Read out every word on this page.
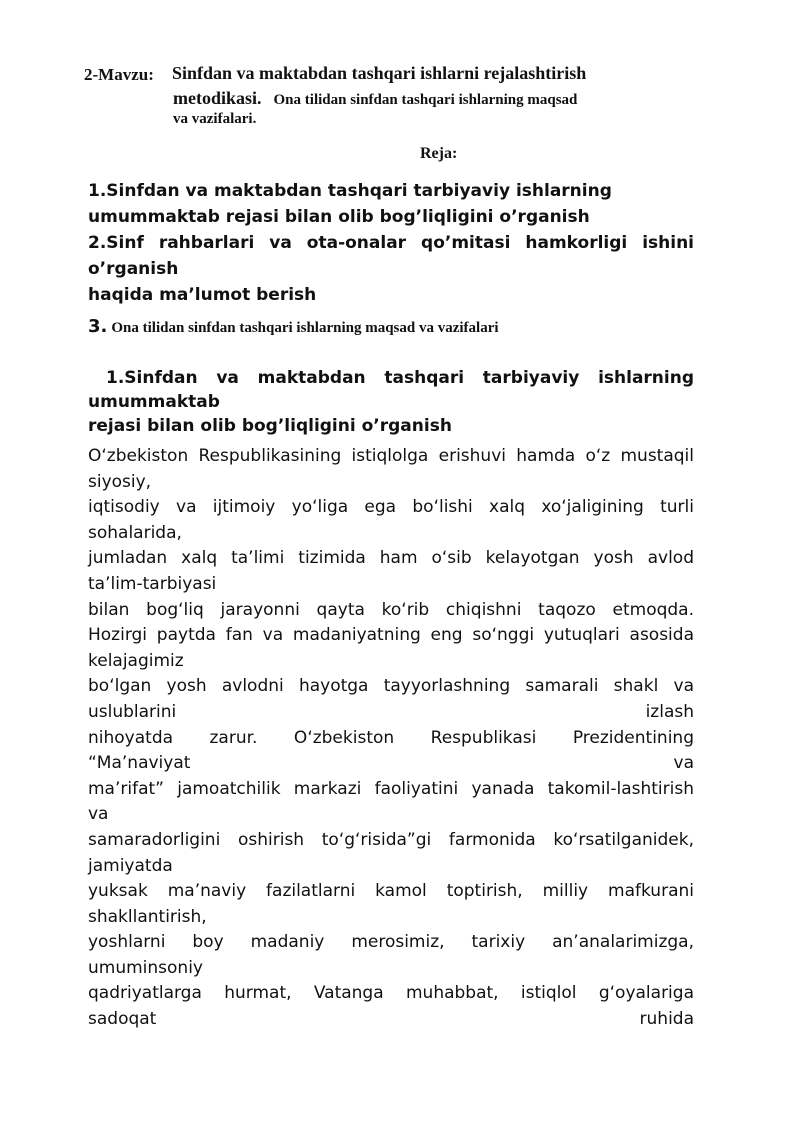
2-Mavzu:	Sinfdan va maktabdan tashqari ishlarni rejalashtirish
metodikasi. Ona tilidan sinfdan tashqari ishlarning maqsad
va vazifalari.
Reja:

1.Sinfdan va maktabdan tashqari tarbiyaviy ishlarning

umummaktab rejasi bilan olib bog’liqligini o’rganish

2.Sinf rahbarlari va ota-onalar qo’mitasi hamkorligi ishini

o’rganish

haqida ma’lumot berish

3. Ona tilidan sinfdan tashqari ishlarning maqsad va vazifalari

1.Sinfdan va maktabdan tashqari tarbiyaviy ishlarning

umummaktab

rejasi bilan olib bog’liqligini o’rganish

O‘zbekiston Respublikasining istiqlolga erishuvi hamda o‘z mustaqil

siyosiy,

iqtisodiy va ijtimoiy yo‘liga ega bo‘lishi xalq xo‘jaligining turli

sohalarida,

jumladan xalq ta’limi tizimida ham o‘sib kelayotgan yosh avlod

ta’lim-tarbiyasi

bilan bog‘liq jarayonni qayta ko‘rib chiqishni taqozo etmoqda.

Hozirgi paytda fan va madaniyatning eng so‘nggi yutuqlari asosida

kelajagimiz

bo‘lgan yosh avlodni hayotga tayyorlashning samarali shakl va

uslublarini izlash

nihoyatda zarur. O‘zbekiston Respublikasi Prezidentining

“Ma’naviyat va

ma’rifat” jamoatchilik markazi faoliyatini yanada takomil-lashtirish

va

samaradorligini oshirish to‘g‘risida”gi farmonida ko‘rsatilganidek,

jamiyatda

yuksak ma’naviy fazilatlarni kamol toptirish, milliy mafkurani

shakllantirish,

yoshlarni boy madaniy merosimiz, tarixiy an’analarimizga,

umuminsoniy

qadriyatlarga hurmat, Vatanga muhabbat, istiqlol g‘oyalariga

sadoqat ruhida
